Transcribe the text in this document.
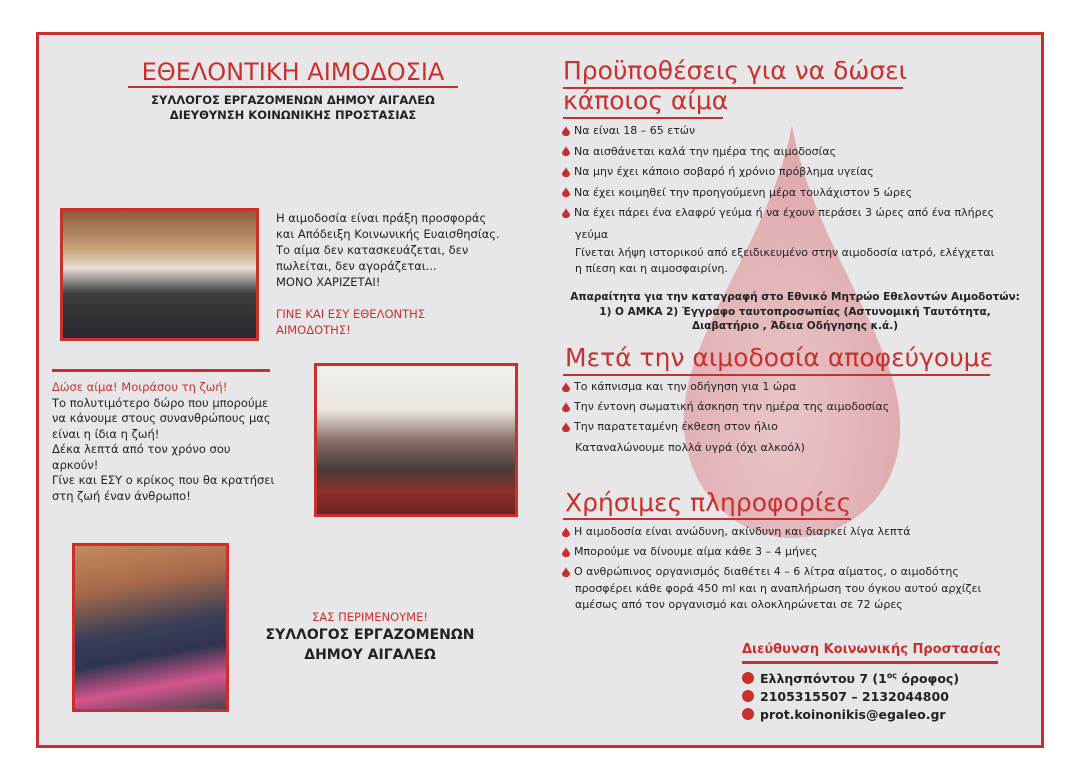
ΕΘΕΛΟΝΤΙΚΗ ΑΙΜΟΔΟΣΙΑ
ΣΥΛΛΟΓΟΣ ΕΡΓΑΖΟΜΕΝΩΝ ΔΗΜΟΥ ΑΙΓΑΛΕΩ
ΔΙΕΥΘΥΝΣΗ ΚΟΙΝΩΝΙΚΗΣ ΠΡΟΣΤΑΣΙΑΣ
Η αιμοδοσία είναι πράξη προσφοράς
και Απόδειξη Κοινωνικής Ευαισθησίας.
Το αίμα δεν κατασκευάζεται, δεν
πωλείται, δεν αγοράζεται...
ΜΟΝΟ ΧΑΡΙΖΕΤΑΙ!
ΓΙΝΕ ΚΑΙ ΕΣΥ ΕΘΕΛΟΝΤΗΣ
ΑΙΜΟΔΟΤΗΣ!
Δώσε αίμα! Μοιράσου τη ζωή!
Το πολυτιμότερο δώρο που μπορούμε
να κάνουμε στους συνανθρώπους μας
είναι η ίδια η ζωή!
Δέκα λεπτά από τον χρόνο σου
αρκούν!
Γίνε και ΕΣΥ ο κρίκος που θα κρατήσει
στη ζωή έναν άνθρωπο!
ΣΑΣ ΠΕΡΙΜΕΝΟΥΜΕ!
ΣΥΛΛΟΓΟΣ ΕΡΓΑΖΟΜΕΝΩΝ
ΔΗΜΟΥ ΑΙΓΑΛΕΩ
Προϋποθέσεις για να δώσει
κάποιος αίμα
Να είναι 18 – 65 ετών
Να αισθάνεται καλά την ημέρα της αιμοδοσίας
Να μην έχει κάποιο σοβαρό ή χρόνιο πρόβλημα υγείας
Να έχει κοιμηθεί την προηγούμενη μέρα τουλάχιστον 5 ώρες
Να έχει πάρει ένα ελαφρύ γεύμα ή να έχουν περάσει 3 ώρες από ένα πλήρες
γεύμα
Γίνεται λήψη ιστορικού από εξειδικευμένο στην αιμοδοσία ιατρό, ελέγχεται
η πίεση και η αιμοσφαιρίνη.
Απαραίτητα για την καταγραφή στο Εθνικό Μητρώο Εθελοντών Αιμοδοτών:
1) Ο ΑΜΚΑ 2) Έγγραφο ταυτοπροσωπίας (Αστυνομική Ταυτότητα,
Διαβατήριο , Άδεια Οδήγησης κ.ά.)
Μετά την αιμοδοσία αποφεύγουμε
Το κάπνισμα και την οδήγηση για 1 ώρα
Την έντονη σωματική άσκηση την ημέρα της αιμοδοσίας
Την παρατεταμένη έκθεση στον ήλιο
Καταναλώνουμε πολλά υγρά (όχι αλκοόλ)
Χρήσιμες πληροφορίες
Η αιμοδοσία είναι ανώδυνη, ακίνδυνη και διαρκεί λίγα λεπτά
Μπορούμε να δίνουμε αίμα κάθε 3 – 4 μήνες
Ο ανθρώπινος οργανισμός διαθέτει 4 – 6 λίτρα αίματος, ο αιμοδότης
προσφέρει κάθε φορά 450 ml και η αναπλήρωση του όγκου αυτού αρχίζει
αμέσως από τον οργανισμό και ολοκληρώνεται σε 72 ώρες
Διεύθυνση Κοινωνικής Προστασίας
Ελλησπόντου 7 ($1^{o\varsigma}$ όροφος)
2105315507 – 2132044800
prot.koinonikis@egaleo.gr
